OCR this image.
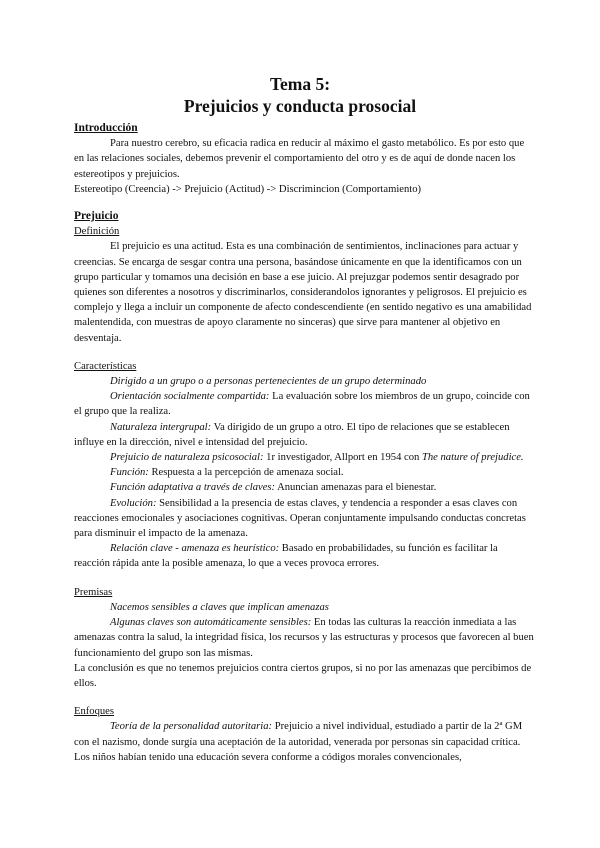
Tema 5:
Prejuicios y conducta prosocial

Introducción

Para nuestro cerebro, su eficacia radica en reducir al máximo el gasto metabólico. Es por esto que en las relaciones sociales, debemos prevenir el comportamiento del otro y es de aquí de donde nacen los estereotipos y prejuicios.

Estereotipo (Creencia) -> Prejuicio (Actitud) -> Discrimincion (Comportamiento)

Prejuicio

Definición

El prejuicio es una actitud. Esta es una combinación de sentimientos, inclinaciones para actuar y creencias. Se encarga de sesgar contra una persona, basándose únicamente en que la identificamos con un grupo particular y tomamos una decisión en base a ese juicio. Al prejuzgar podemos sentir desagrado por quienes son diferentes a nosotros y discriminarlos, considerandolos ignorantes y peligrosos. El prejuicio es complejo y llega a incluir un componente de afecto condescendiente (en sentido negativo es una amabilidad malentendida, con muestras de apoyo claramente no sinceras) que sirve para mantener al objetivo en desventaja.

Características

Dirigido a un grupo o a personas pertenecientes de un grupo determinado

Orientación socialmente compartida: La evaluación sobre los miembros de un grupo, coincide con el grupo que la realiza.

Naturaleza intergrupal: Va dirigido de un grupo a otro. El tipo de relaciones que se establecen influye en la dirección, nivel e intensidad del prejuicio.

Prejuicio de naturaleza psicosocial: 1r investigador, Allport en 1954 con The nature of prejudice.

Función: Respuesta a la percepción de amenaza social.

Función adaptativa a través de claves: Anuncian amenazas para el bienestar.

Evolución: Sensibilidad a la presencia de estas claves, y tendencia a responder a esas claves con reacciones emocionales y asociaciones cognitivas. Operan conjuntamente impulsando conductas concretas para disminuir el impacto de la amenaza.

Relación clave - amenaza es heurístico: Basado en probabilidades, su función es facilitar la reacción rápida ante la posible amenaza, lo que a veces provoca errores.

Premisas

Nacemos sensibles a claves que implican amenazas

Algunas claves son automáticamente sensibles: En todas las culturas la reacción inmediata a las amenazas contra la salud, la integridad física, los recursos y las estructuras y procesos que favorecen al buen funcionamiento del grupo son las mismas.

La conclusión es que no tenemos prejuicios contra ciertos grupos, si no por las amenazas que percibimos de ellos.

Enfoques

Teoría de la personalidad autoritaria: Prejuicio a nivel individual, estudiado a partir de la 2ª GM con el nazismo, donde surgía una aceptación de la autoridad, venerada por personas sin capacidad crítica. Los niños habían tenido una educación severa conforme a códigos morales convencionales,
